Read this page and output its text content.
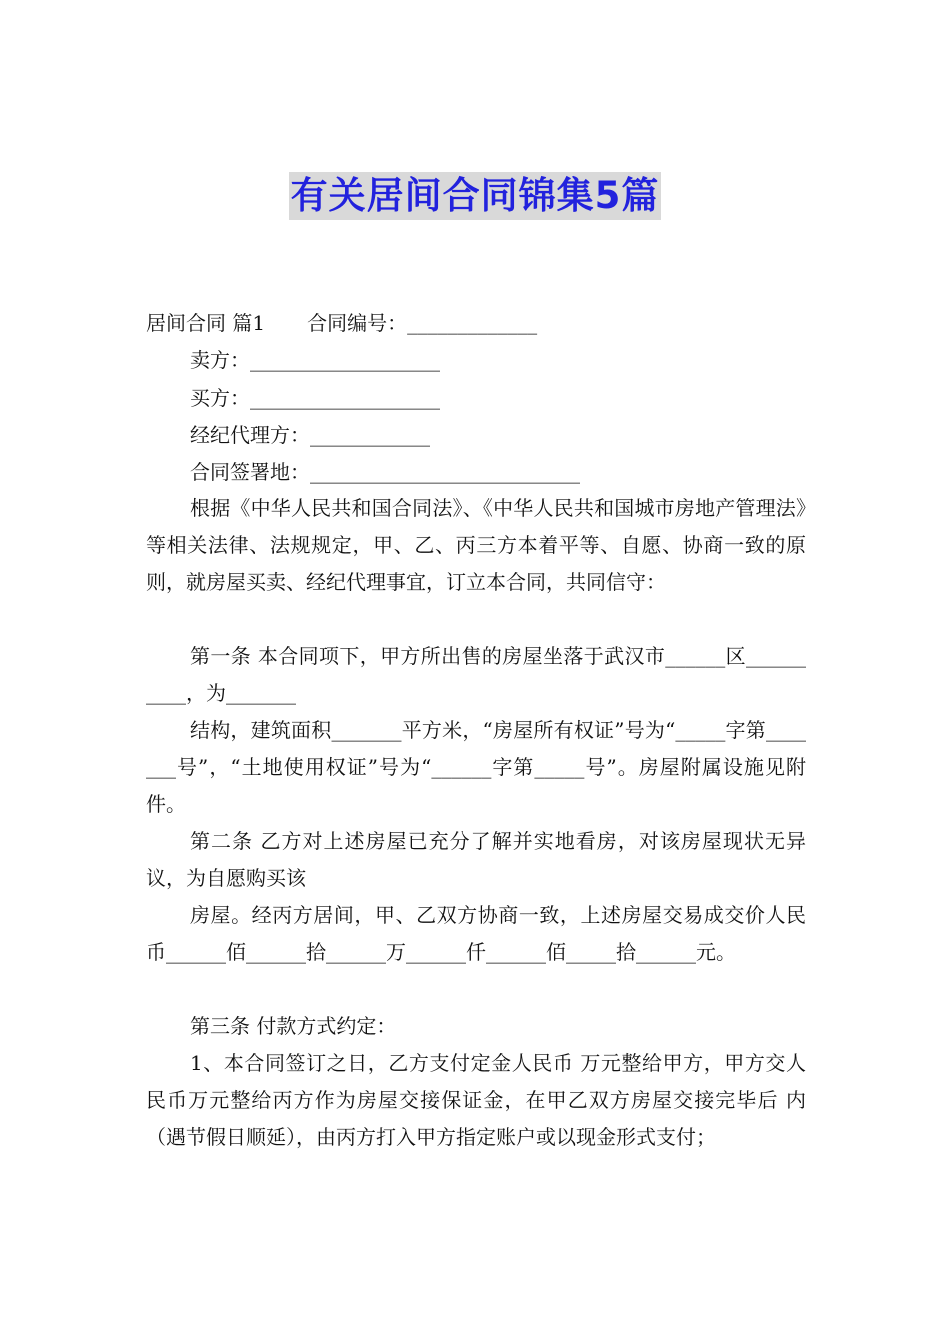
有关居间合同锦集5篇
居间合同 篇1 合同编号：_____________
卖方：___________________
买方：___________________
经纪代理方：____________
合同签署地：___________________________
根据《中华人民共和国合同法》、《中华人民共和国城市房地产管理法》等相关法律、法规规定，甲、乙、丙三方本着平等、自愿、协商一致的原则，就房屋买卖、经纪代理事宜，订立本合同，共同信守：
第一条 本合同项下，甲方所出售的房屋坐落于武汉市______区__________，为_______
结构，建筑面积_______平方米，“房屋所有权证”号为“_____字第_______号”，“土地使用权证”号为“______字第_____号”。房屋附属设施见附件。
第二条 乙方对上述房屋已充分了解并实地看房，对该房屋现状无异议，为自愿购买该
房屋。经丙方居间，甲、乙双方协商一致，上述房屋交易成交价人民币______佰______拾______万______仟______佰_____拾______元。
第三条 付款方式约定：
1、本合同签订之日，乙方支付定金人民币 万元整给甲方，甲方交人民币万元整给丙方作为房屋交接保证金，在甲乙双方房屋交接完毕后 内（遇节假日顺延），由丙方打入甲方指定账户或以现金形式支付；
